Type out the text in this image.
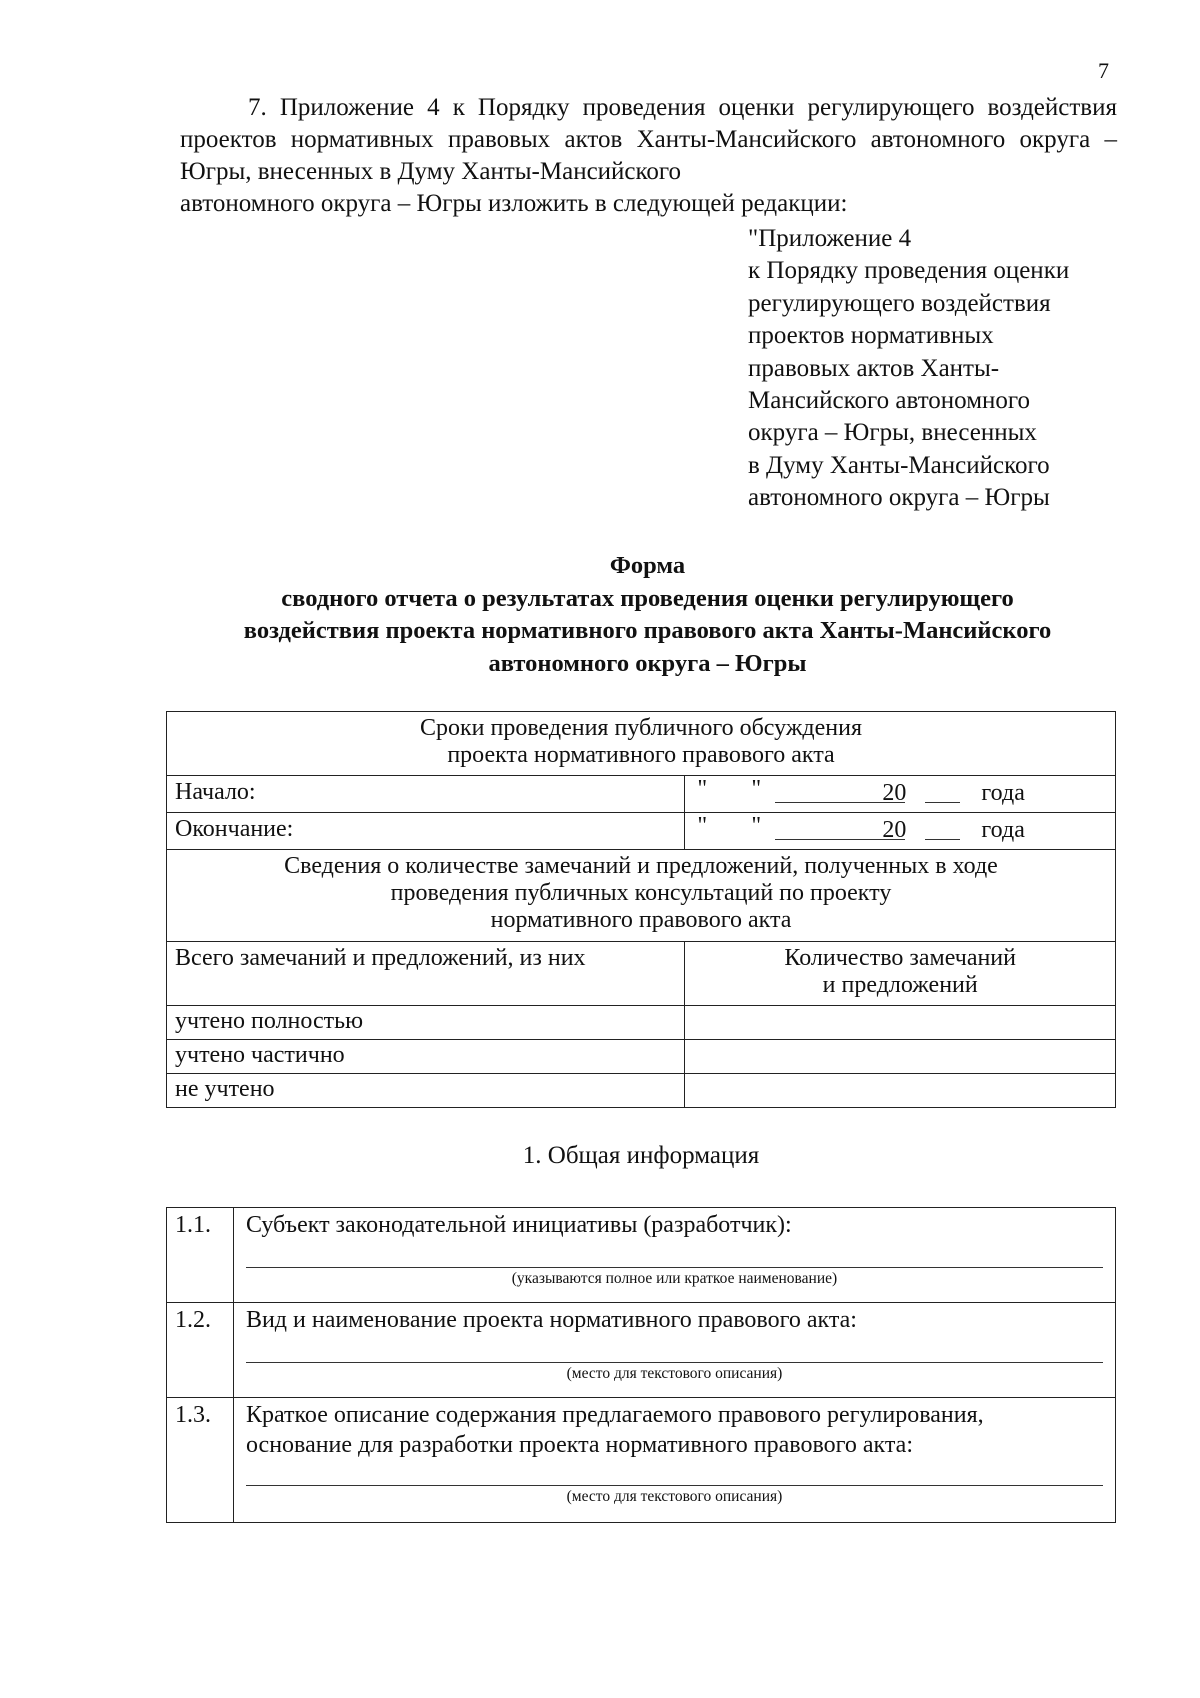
7
7. Приложение 4 к Порядку проведения оценки регулирующего воздействия проектов нормативных правовых актов Ханты-Мансийского автономного округа – Югры, внесенных в Думу Ханты-Мансийского
автономного округа – Югры изложить в следующей редакции:
"Приложение 4
к Порядку проведения оценки
регулирующего воздействия
проектов нормативных
правовых актов Ханты-
Мансийского автономного
округа – Югры, внесенных
в Думу Ханты-Мансийского
автономного округа – Югры
Форма
сводного отчета о результатах проведения оценки регулирующего
воздействия проекта нормативного правового акта Ханты-Мансийского
автономного округа – Югры
Сроки проведения публичного обсуждения
проекта нормативного правового акта	

Начало:	" " 20 года

Окончание:	" " 20 года

Сведения о количестве замечаний и предложений, полученных в ходе
проведения публичных консультаций по проекту
нормативного правового акта	

Всего замечаний и предложений, из них	Количество замечаний
и предложений

учтено полностью	
учтено частично	
не учтено	
1. Общая информация
1.1.	Субъект законодательной инициативы (разработчик):
(указываются полное или краткое наименование)

1.2.	Вид и наименование проекта нормативного правового акта:
(место для текстового описания)

1.3.	Краткое описание содержания предлагаемого правового регулирования,
основание для разработки проекта нормативного правового акта:
(место для текстового описания)
